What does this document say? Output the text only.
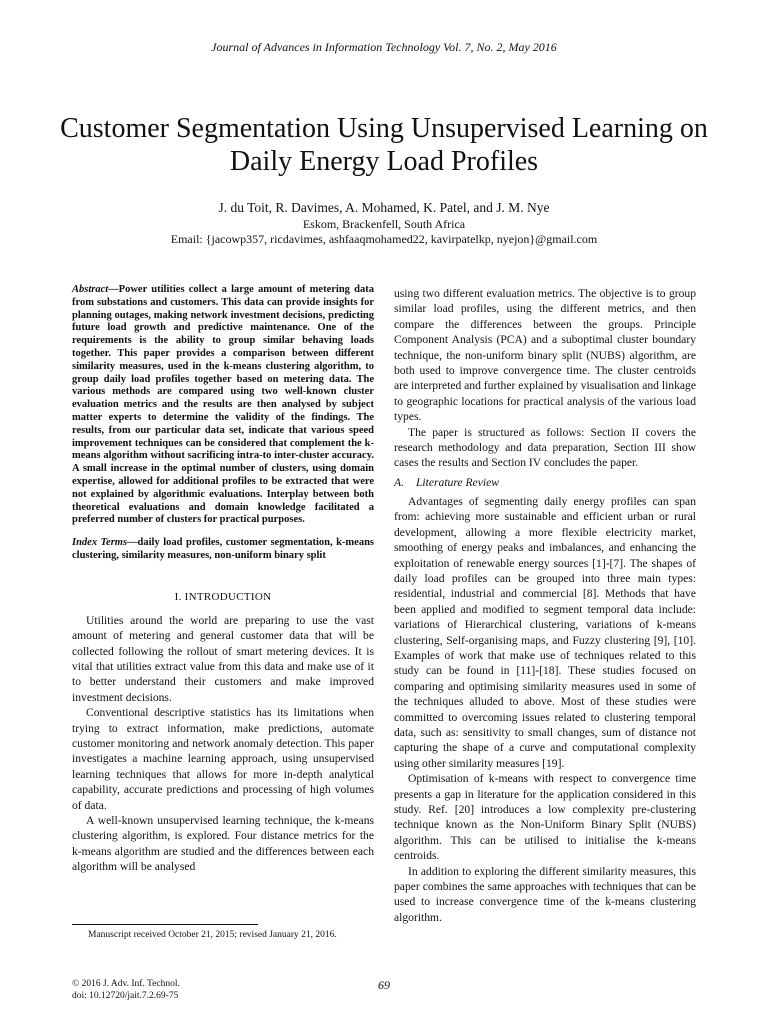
Journal of Advances in Information Technology Vol. 7, No. 2, May 2016
Customer Segmentation Using Unsupervised Learning on Daily Energy Load Profiles
J. du Toit, R. Davimes, A. Mohamed, K. Patel, and J. M. Nye
Eskom, Brackenfell, South Africa
Email: {jacowp357, ricdavimes, ashfaaqmohamed22, kavirpatelkp, nyejon}@gmail.com

Abstract—Power utilities collect a large amount of metering data from substations and customers. This data can provide insights for planning outages, making network investment decisions, predicting future load growth and predictive maintenance. One of the requirements is the ability to group similar behaving loads together. This paper provides a comparison between different similarity measures, used in the k-means clustering algorithm, to group daily load profiles together based on metering data. The various methods are compared using two well-known cluster evaluation metrics and the results are then analysed by subject matter experts to determine the validity of the findings. The results, from our particular data set, indicate that various speed improvement techniques can be considered that complement the k-means algorithm without sacrificing intra-to inter-cluster accuracy. A small increase in the optimal number of clusters, using domain expertise, allowed for additional profiles to be extracted that were not explained by algorithmic evaluations. Interplay between both theoretical evaluations and domain knowledge facilitated a preferred number of clusters for practical purposes.

Index Terms—daily load profiles, customer segmentation, k-means clustering, similarity measures, non-uniform binary split

I. INTRODUCTION

Utilities around the world are preparing to use the vast amount of metering and general customer data that will be collected following the rollout of smart metering devices. It is vital that utilities extract value from this data and make use of it to better understand their customers and make improved investment decisions.

Conventional descriptive statistics has its limitations when trying to extract information, make predictions, automate customer monitoring and network anomaly detection. This paper investigates a machine learning approach, using unsupervised learning techniques that allows for more in-depth analytical capability, accurate predictions and processing of high volumes of data.

A well-known unsupervised learning technique, the k-means clustering algorithm, is explored. Four distance metrics for the k-means algorithm are studied and the differences between each algorithm will be analysed

using two different evaluation metrics. The objective is to group similar load profiles, using the different metrics, and then compare the differences between the groups. Principle Component Analysis (PCA) and a suboptimal cluster boundary technique, the non-uniform binary split (NUBS) algorithm, are both used to improve convergence time. The cluster centroids are interpreted and further explained by visualisation and linkage to geographic locations for practical analysis of the various load types.

The paper is structured as follows: Section II covers the research methodology and data preparation, Section III show cases the results and Section IV concludes the paper.

A. Literature Review

Advantages of segmenting daily energy profiles can span from: achieving more sustainable and efficient urban or rural development, allowing a more flexible electricity market, smoothing of energy peaks and imbalances, and enhancing the exploitation of renewable energy sources [1]-[7]. The shapes of daily load profiles can be grouped into three main types: residential, industrial and commercial [8]. Methods that have been applied and modified to segment temporal data include: variations of Hierarchical clustering, variations of k-means clustering, Self-organising maps, and Fuzzy clustering [9], [10]. Examples of work that make use of techniques related to this study can be found in [11]-[18]. These studies focused on comparing and optimising similarity measures used in some of the techniques alluded to above. Most of these studies were committed to overcoming issues related to clustering temporal data, such as: sensitivity to small changes, sum of distance not capturing the shape of a curve and computational complexity using other similarity measures [19].

Optimisation of k-means with respect to convergence time presents a gap in literature for the application considered in this study. Ref. [20] introduces a low complexity pre-clustering technique known as the Non-Uniform Binary Split (NUBS) algorithm. This can be utilised to initialise the k-means centroids.

In addition to exploring the different similarity measures, this paper combines the same approaches with techniques that can be used to increase convergence time of the k-means clustering algorithm.

Manuscript received October 21, 2015; revised January 21, 2016.
© 2016 J. Adv. Inf. Technol.
doi: 10.12720/jait.7.2.69-75
69
